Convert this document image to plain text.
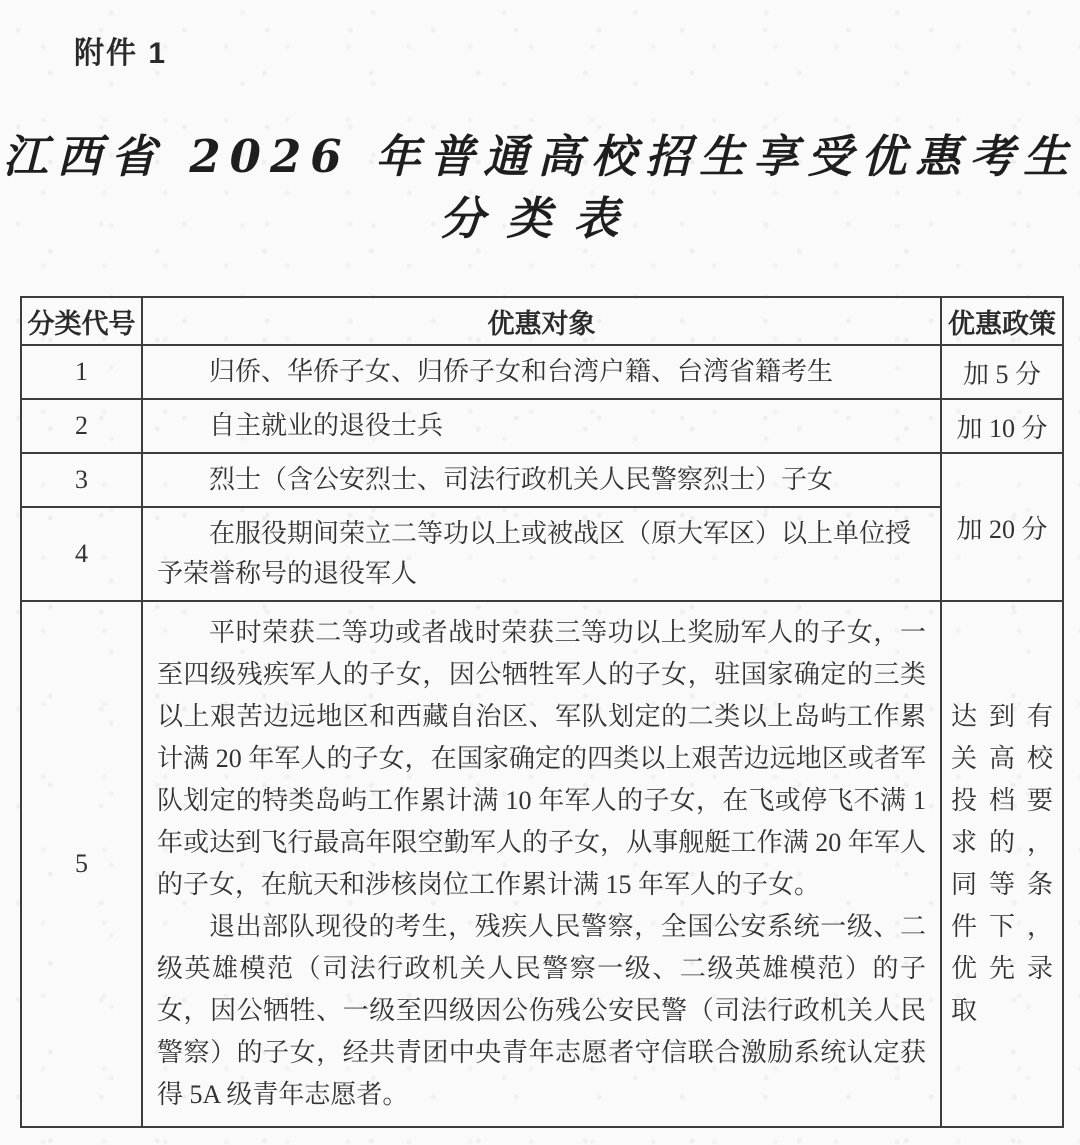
附件 1
江西省 2026 年普通高校招生享受优惠考生
分类表
分类代号	优惠对象	优惠政策
1	归侨、华侨子女、归侨子女和台湾户籍、台湾省籍考生	加 5 分
2	自主就业的退役士兵	加 10 分
3	烈士（含公安烈士、司法行政机关人民警察烈士）子女	加 20 分
4	在服役期间荣立二等功以上或被战区（原大军区）以上单位授予荣誉称号的退役军人	

5	平时荣获二等功或者战时荣获三等功以上奖励军人的子女，一至四级残疾军人的子女，因公牺牲军人的子女，驻国家确定的三类以上艰苦边远地区和西藏自治区、军队划定的二类以上岛屿工作累计满 20 年军人的子女，在国家确定的四类以上艰苦边远地区或者军队划定的特类岛屿工作累计满 10 年军人的子女，在飞或停飞不满 1 年或达到飞行最高年限空勤军人的子女，从事舰艇工作满 20 年军人的子女，在航天和涉核岗位工作累计满 15 年军人的子女。
退出部队现役的考生，残疾人民警察，全国公安系统一级、二级英雄模范（司法行政机关人民警察一级、二级英雄模范）的子女，因公牺牲、一级至四级因公伤残公安民警（司法行政机关人民警察）的子女，经共青团中央青年志愿者守信联合激励系统认定获得 5A 级青年志愿者。	达到有关高校投档要求的，同等条件下，优先录取
